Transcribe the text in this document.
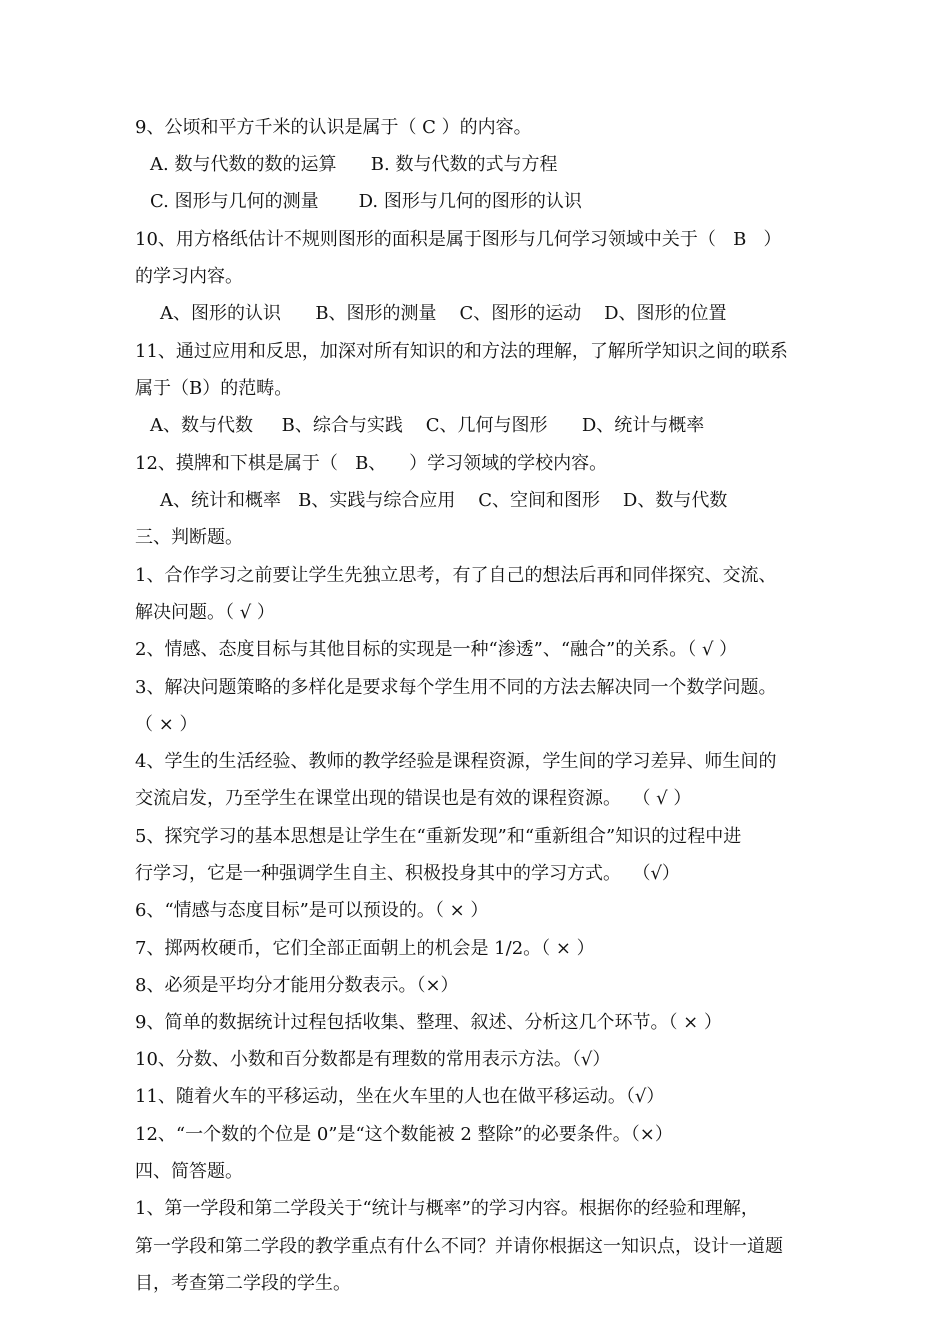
9、公顷和平方千米的认识是属于（ C ）的内容。
A. 数与代数的数的运算      B. 数与代数的式与方程
C. 图形与几何的测量       D. 图形与几何的图形的认识
10、用方格纸估计不规则图形的面积是属于图形与几何学习领域中关于（   B   ）
的学习内容。
A、图形的认识      B、图形的测量    C、图形的运动    D、图形的位置
11、通过应用和反思，加深对所有知识的和方法的理解，了解所学知识之间的联系
属于（B）的范畴。
A、数与代数     B、综合与实践    C、几何与图形      D、统计与概率
12、摸牌和下棋是属于（   B、    ）学习领域的学校内容。
A、统计和概率   B、实践与综合应用    C、空间和图形    D、数与代数
三、判断题。
1、合作学习之前要让学生先独立思考，有了自己的想法后再和同伴探究、交流、
解决问题。（ √ ）
2、情感、态度目标与其他目标的实现是一种“渗透”、“融合”的关系。（ √ ）
3、解决问题策略的多样化是要求每个学生用不同的方法去解决同一个数学问题。
（ × ）
4、学生的生活经验、教师的教学经验是课程资源，学生间的学习差异、师生间的
交流启发，乃至学生在课堂出现的错误也是有效的课程资源。  （ √ ）
5、探究学习的基本思想是让学生在“重新发现”和“重新组合”知识的过程中进
行学习，它是一种强调学生自主、积极投身其中的学习方式。  （√）
6、“情感与态度目标”是可以预设的。（ × ）
7、掷两枚硬币，它们全部正面朝上的机会是 1/2。（ × ）
8、必须是平均分才能用分数表示。（×）
9、简单的数据统计过程包括收集、整理、叙述、分析这几个环节。（ × ）
10、分数、小数和百分数都是有理数的常用表示方法。（√）
11、随着火车的平移运动，坐在火车里的人也在做平移运动。（√）
12、“一个数的个位是 0”是“这个数能被 2 整除”的必要条件。（×）
四、简答题。
1、第一学段和第二学段关于“统计与概率”的学习内容。根据你的经验和理解，
第一学段和第二学段的教学重点有什么不同？并请你根据这一知识点，设计一道题
目，考查第二学段的学生。
